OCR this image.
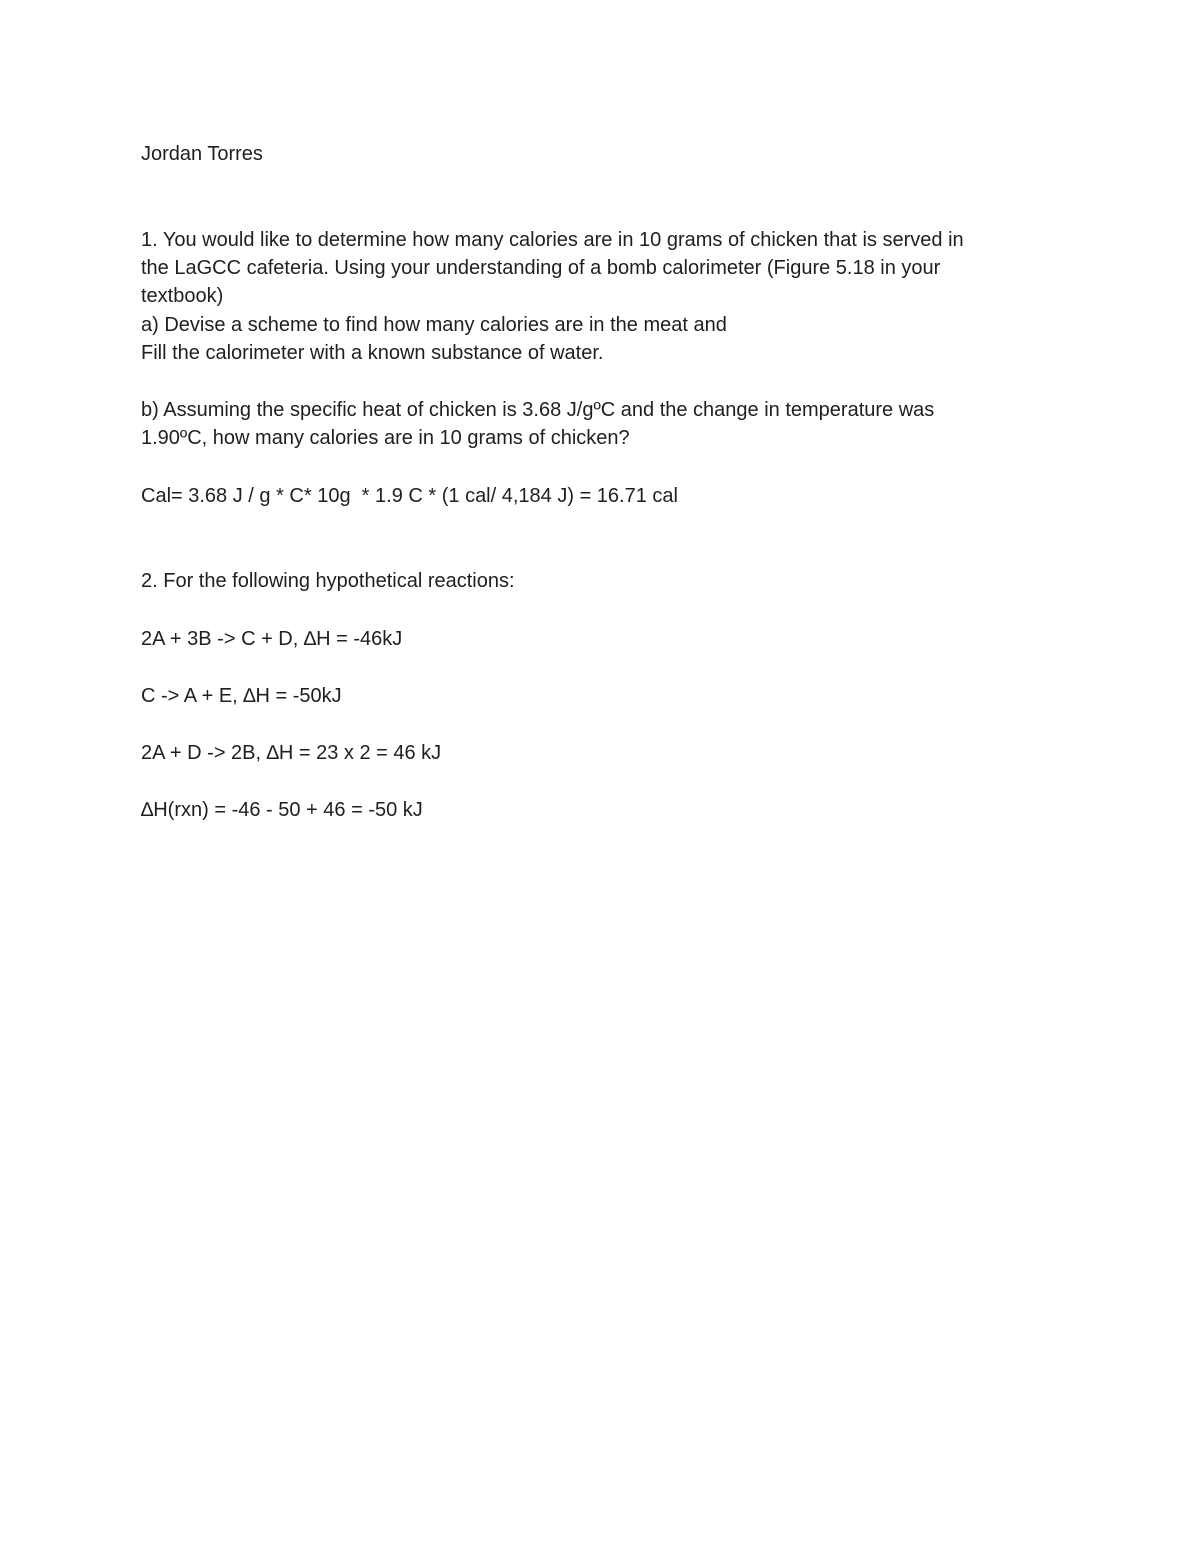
Jordan Torres
1. You would like to determine how many calories are in 10 grams of chicken that is served in
the LaGCC cafeteria. Using your understanding of a bomb calorimeter (Figure 5.18 in your
textbook)
a) Devise a scheme to find how many calories are in the meat and
Fill the calorimeter with a known substance of water.
b) Assuming the specific heat of chicken is 3.68 J/gºC and the change in temperature was
1.90ºC, how many calories are in 10 grams of chicken?
Cal= 3.68 J / g * C* 10g  * 1.9 C * (1 cal/ 4,184 J) = 16.71 cal
2. For the following hypothetical reactions:
2A + 3B -> C + D, ∆H = -46kJ
C -> A + E, ∆H = -50kJ
2A + D -> 2B, ∆H = 23 x 2 = 46 kJ
∆H(rxn) = -46 - 50 + 46 = -50 kJ
